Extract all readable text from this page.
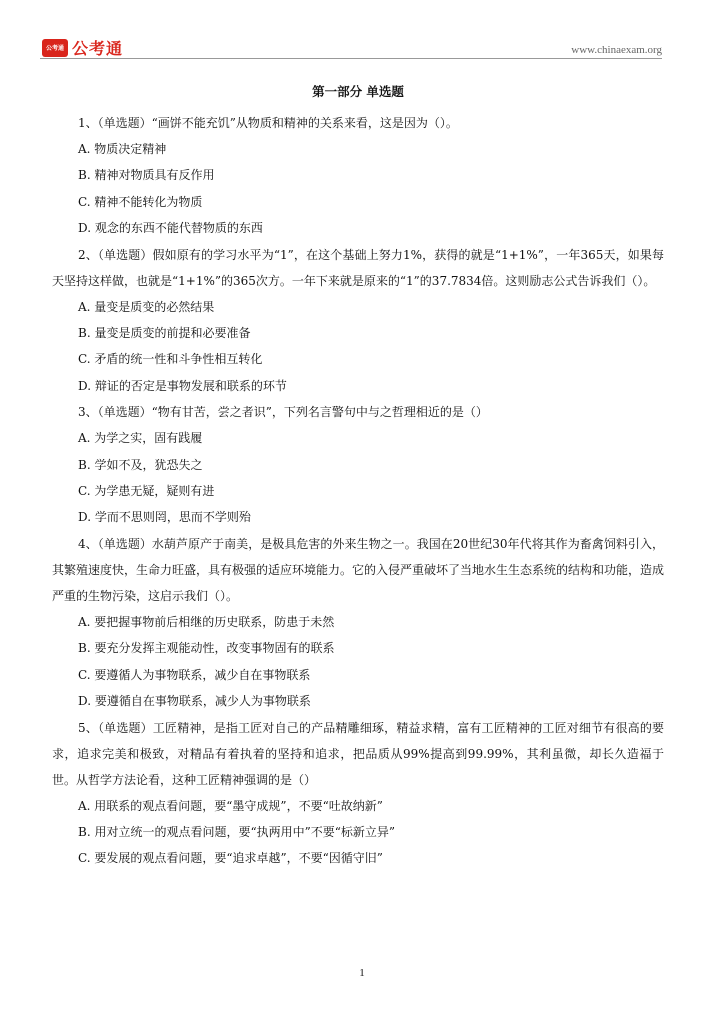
公考通 公考通	www.chinaexam.org
第一部分 单选题

1、（单选题）“画饼不能充饥”从物质和精神的关系来看，这是因为（）。

A. 物质决定精神

B. 精神对物质具有反作用

C. 精神不能转化为物质

D. 观念的东西不能代替物质的东西

2、（单选题）假如原有的学习水平为“1”，在这个基础上努力1%，获得的就是“1+1%”，一年365天，如果每天坚持这样做，也就是“1+1%”的365次方。一年下来就是原来的“1”的37.7834倍。这则励志公式告诉我们（）。

A. 量变是质变的必然结果

B. 量变是质变的前提和必要准备

C. 矛盾的统一性和斗争性相互转化

D. 辩证的否定是事物发展和联系的环节

3、（单选题）“物有甘苦，尝之者识”，下列名言警句中与之哲理相近的是（）

A. 为学之实，固有践履

B. 学如不及，犹恐失之

C. 为学患无疑，疑则有进

D. 学而不思则罔，思而不学则殆

4、（单选题）水葫芦原产于南美，是极具危害的外来生物之一。我国在20世纪30年代将其作为畜禽饲料引入，其繁殖速度快，生命力旺盛，具有极强的适应环境能力。它的入侵严重破坏了当地水生生态系统的结构和功能，造成严重的生物污染，这启示我们（）。

A. 要把握事物前后相继的历史联系，防患于未然

B. 要充分发挥主观能动性，改变事物固有的联系

C. 要遵循人为事物联系，减少自在事物联系

D. 要遵循自在事物联系，减少人为事物联系

5、（单选题）工匠精神，是指工匠对自己的产品精雕细琢，精益求精，富有工匠精神的工匠对细节有很高的要求，追求完美和极致，对精品有着执着的坚持和追求，把品质从99%提高到99.99%，其利虽微，却长久造福于世。从哲学方法论看，这种工匠精神强调的是（）

A. 用联系的观点看问题，要“墨守成规”，不要“吐故纳新”

B. 用对立统一的观点看问题，要“执两用中”不要“标新立异”

C. 要发展的观点看问题，要“追求卓越”，不要“因循守旧”

1
